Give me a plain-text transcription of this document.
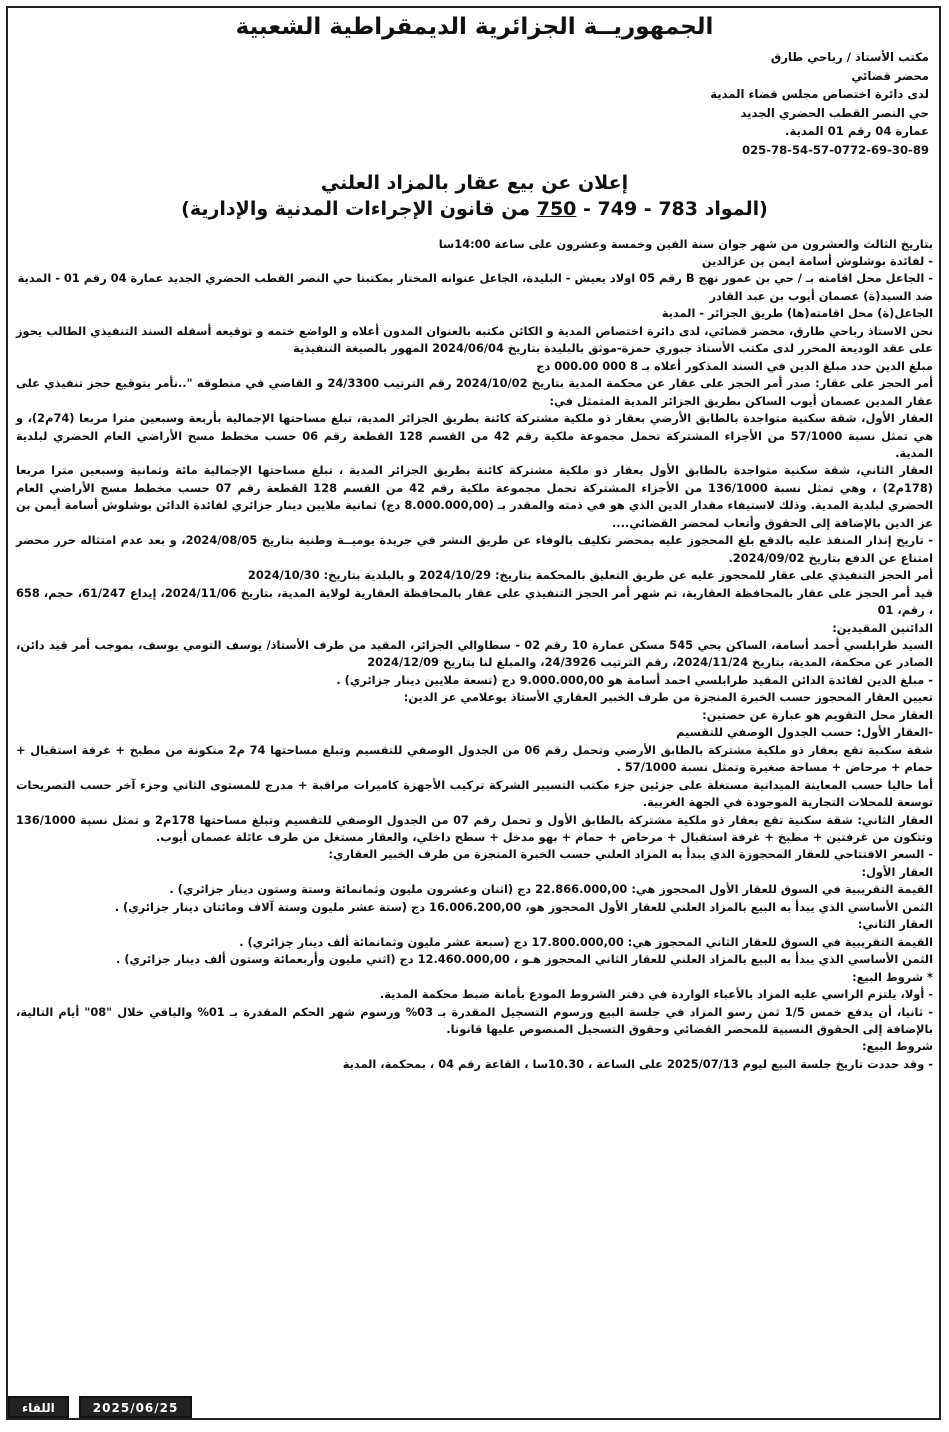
الجمهوريــة الجزائرية الديمقراطية الشعبية
مكتب الأستاذ / رباحي طارق
محضر قضائي
لدى دائرة اختصاص مجلس قضاء المدية
حي النصر القطب الحضري الجديد
عمارة 04 رقم 01 المدية.
025-78-54-57-0772-69-30-89
إعلان عن بيع عقار بالمزاد العلني
(المواد 783 - 749 - 750 من قانون الإجراءات المدنية والإدارية)

بتاريخ الثالث والعشرون من شهر جوان سنة الفين وخمسة وعشرون على ساعة 14:00سا

- لفائدة بوشلوش أسامة ايمن بن عزالدين

- الجاعل محل اقامته بـ / حي بن عمور نهج B رقم 05 اولاد يعيش - البليدة، الجاعل عنوانه المختار بمكتبنا حي النصر القطب الحضري الجديد عمارة 04 رقم 01 - المدية

ضد السيد(ة) عصمان أيوب بن عبد القادر

الجاعل(ة) محل اقامته(ها) طريق الجزائر - المدية

نحن الاستاذ رباحي طارق، محضر قضائي، لدى دائرة اختصاص المدية و الكائن مكتبه بالعنوان المدون أعلاه و الواضع ختمه و توقيعه أسفله السند التنفيذي الطالب يحوز على عقد الوديعة المحرر لدى مكتب الأستاذ جبوري حمزة-موثق بالبليدة بتاريخ 2024/06/04 المهور بالصيغة التنفيذية

مبلغ الدين حدد مبلغ الدين في السند المذكور أعلاه بـ 8 000 000.00 دج

أمر الحجز على عقار: صدر أمر الحجز على عقار عن محكمة المدية بتاريخ 2024/10/02 رقم الترتيب 24/3300 و القاضي في منطوقه "..نأمر بتوقيع حجز تنفيذي على عقار المدين عصمان أيوب الساكن بطريق الجزائر المدية المتمثل في:

العقار الأول، شقة سكنية متواجدة بالطابق الأرضي بعقار ذو ملكية مشتركة كائنة بطريق الجزائر المدية، تبلغ مساحتها الإجمالية بأربعة وسبعين مترا مربعا (74م2)، و هي تمثل نسبة 57/1000 من الأجزاء المشتركة تحمل مجموعة ملكية رقم 42 من القسم 128 القطعة رقم 06 حسب مخطط مسح الأراضي العام الحضري لبلدية المدية.

العقار الثاني، شقة سكنية متواجدة بالطابق الأول بعقار ذو ملكية مشتركة كائنة بطريق الجزائر المدية ، تبلغ مساحتها الإجمالية مائة وثمانية وسبعين مترا مربعا (178م2) ، وهي تمثل نسبة 136/1000 من الأجزاء المشتركة تحمل مجموعة ملكية رقم 42 من القسم 128 القطعة رقم 07 حسب مخطط مسح الأراضي العام الحضري لبلدية المدية. وذلك لاستيفاء مقدار الدين الذي هو في ذمته والمقدر بـ (8.000.000,00 دج) ثمانية ملايين دينار جزائري لفائدة الدائن بوشلوش أسامة أيمن بن عز الدين بالإضافة إلى الحقوق وأتعاب لمحضر القضائي....

- تاريخ إنذار المنفذ عليه بالدفع بلغ المحجوز عليه بمحضر تكليف بالوفاء عن طريق النشر في جريدة يوميــة وطنية بتاريخ 2024/08/05، و بعد عدم امتثاله حرر محضر امتناع عن الدفع بتاريخ 2024/09/02.

أمر الحجز التنفيذي على عقار للمحجوز عليه عن طريق التعليق بالمحكمة بتاريخ: 2024/10/29 و بالبلدية بتاريخ: 2024/10/30

قيد أمر الحجز على عقار بالمحافظة العقارية، تم شهر أمر الحجز التنفيذي على عقار بالمحافظة العقارية لولاية المدية، بتاريخ 2024/11/06، إيداع 61/247، حجم، 658 ، رقم، 01

الدائنين المقيدين:

السيد طرابلسي أحمد أسامة، الساكن بحي 545 مسكن عمارة 10 رقم 02 - سطاوالي الجزائر، المقيد من طرف الأستاذ/ يوسف التومي يوسف، بموجب أمر قيد دائن، الصادر عن محكمة، المدية، بتاريخ 2024/11/24، رقم الترتيب 24/3926، والمبلغ لنا بتاريخ 2024/12/09

- مبلغ الدين لفائدة الدائن المقيد طرابلسي احمد أسامة هو 9.000.000,00 دج (تسعة ملايين دينار جزائري) .

تعيين العقار المحجوز حسب الخبرة المنجزة من طرف الخبير العقاري الأستاذ بوعلامي عز الدين:

العقار محل التقويم هو عبارة عن حصتين:

-العقار الأول: حسب الجدول الوصفي للتقسيم

شقة سكنية تقع بعقار ذو ملكية مشتركة بالطابق الأرضي وتحمل رقم 06 من الجدول الوصفي للتقسيم وتبلغ مساحتها 74 م2 متكونة من مطبخ + غرفة استقبال + حمام + مرحاض + مساحة صغيرة وتمثل نسبة 57/1000 .

أما حاليا حسب المعاينة الميدانية مستغلة على جزئين جزء مكتب التسيير الشركة تركيب الأجهزة كاميرات مراقبة + مدرج للمستوى الثاني وجزء آخر حسب التصريحات توسعة للمحلات التجارية الموجودة في الجهة الغربية.

العقار الثاني: شقة سكنية تقع بعقار ذو ملكية مشتركة بالطابق الأول و تحمل رقم 07 من الجدول الوصفي للتقسيم وتبلغ مساحتها 178م2 و تمثل نسبة 136/1000 وتتكون من غرفتين + مطبخ + غرفة استقبال + مرحاض + حمام + بهو مدخل + سطح داخلي، والعقار مستغل من طرف عائلة عصمان أيوب.

- السعر الافتتاحي للعقار المحجوزة الذي يبدأ به المزاد العلني حسب الخبرة المنجزة من طرف الخبير العقاري:

العقار الأول:

القيمة التقريبية في السوق للعقار الأول المحجوز هي: 22.866.000,00 دج (اثنان وعشرون مليون وثمانمائة وستة وستون دينار جزائري) .

الثمن الأساسي الذي يبدأ به البيع بالمزاد العلني للعقار الأول المحجوز هو، 16.006.200,00 دج (ستة عشر مليون وستة آلاف ومائتان دينار جزائري) .

العقار الثاني:

القيمة التقريبية في السوق للعقار الثاني المحجوز هي: 17.800.000,00 دج (سبعة عشر مليون وثمانمائة ألف دينار جزائري) .

الثمن الأساسي الذي يبدأ به البيع بالمزاد العلني للعقار الثاني المحجوز هـو ، 12.460.000,00 دج (اثني مليون وأربعمائة وستون ألف دينار جزائري) .

* شروط البيع:

- أولا، يلتزم الراسي عليه المزاد بالأعباء الواردة في دفتر الشروط المودع بأمانة ضبط محكمة المدية.

- ثانيا، أن يدفع خمس 1/5 ثمن رسو المزاد في جلسة البيع ورسوم التسجيل المقدرة بـ 03% ورسوم شهر الحكم المقدرة بـ 01% والباقي خلال "08" أيام التالية، بالإضافة إلى الحقوق النسبية للمحضر القضائي وحقوق التسجيل المنصوص عليها قانونا.

شروط البيع:

- وقد حددت تاريخ جلسة البيع ليوم 2025/07/13 على الساعة ، 10.30سا ، القاعة رقم 04 ، بمحكمة، المدية

اللقاء	2025/06/25
